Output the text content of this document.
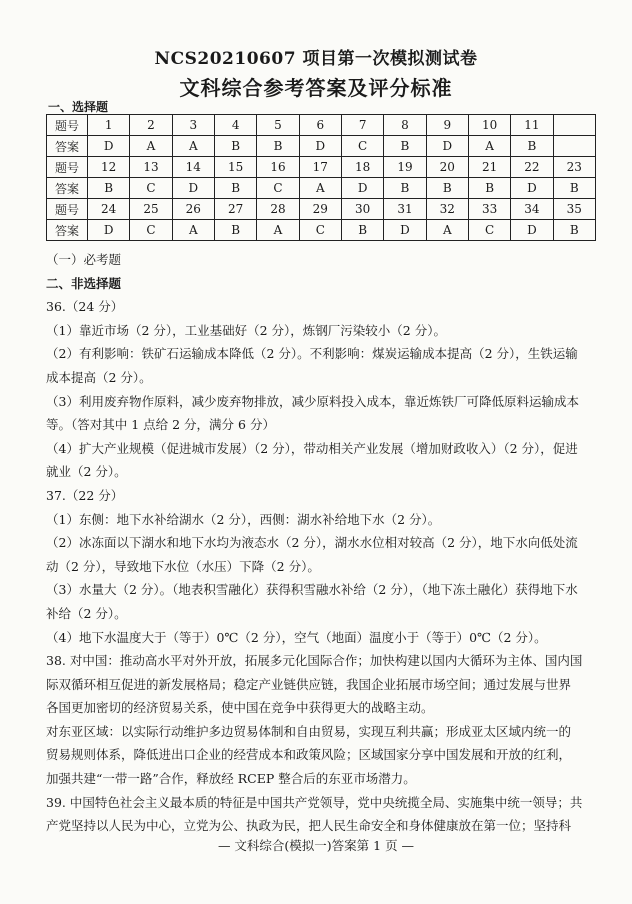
NCS20210607 项目第一次模拟测试卷
文科综合参考答案及评分标准
一、选择题
题号	1	2	3	4	5	6	7	8	9	10	11	
答案	D	A	A	B	B	D	C	B	D	A	B	
题号	12	13	14	15	16	17	18	19	20	21	22	23
答案	B	C	D	B	C	A	D	B	B	B	D	B
题号	24	25	26	27	28	29	30	31	32	33	34	35
答案	D	C	A	B	A	C	B	D	A	C	D	B

（一）必考题

二、非选择题

36.（24 分）

（1）靠近市场（2 分），工业基础好（2 分），炼钢厂污染较小（2 分）。

（2）有利影响：铁矿石运输成本降低（2 分）。不利影响：煤炭运输成本提高（2 分），生铁运输

成本提高（2 分）。

（3）利用废弃物作原料，减少废弃物排放，减少原料投入成本，靠近炼铁厂可降低原料运输成本

等。（答对其中 1 点给 2 分，满分 6 分）

（4）扩大产业规模（促进城市发展）（2 分），带动相关产业发展（增加财政收入）（2 分），促进

就业（2 分）。

37.（22 分）

（1）东侧：地下水补给湖水（2 分），西侧：湖水补给地下水（2 分）。

（2）冰冻面以下湖水和地下水均为液态水（2 分），湖水水位相对较高（2 分），地下水向低处流

动（2 分），导致地下水位（水压）下降（2 分）。

（3）水量大（2 分）。（地表积雪融化）获得积雪融水补给（2 分），（地下冻土融化）获得地下水

补给（2 分）。

（4）地下水温度大于（等于）0℃（2 分），空气（地面）温度小于（等于）0℃（2 分）。

38. 对中国：推动高水平对外开放，拓展多元化国际合作；加快构建以国内大循环为主体、国内国

际双循环相互促进的新发展格局；稳定产业链供应链，我国企业拓展市场空间；通过发展与世界

各国更加密切的经济贸易关系，使中国在竞争中获得更大的战略主动。

对东亚区域：以实际行动维护多边贸易体制和自由贸易，实现互利共赢；形成亚太区域内统一的

贸易规则体系，降低进出口企业的经营成本和政策风险；区域国家分享中国发展和开放的红利，

加强共建“一带一路”合作，释放经 RCEP 整合后的东亚市场潜力。

39. 中国特色社会主义最本质的特征是中国共产党领导，党中央统揽全局、实施集中统一领导；共

产党坚持以人民为中心，立党为公、执政为民，把人民生命安全和身体健康放在第一位；坚持科

— 文科综合(模拟一)答案第 1 页 —
